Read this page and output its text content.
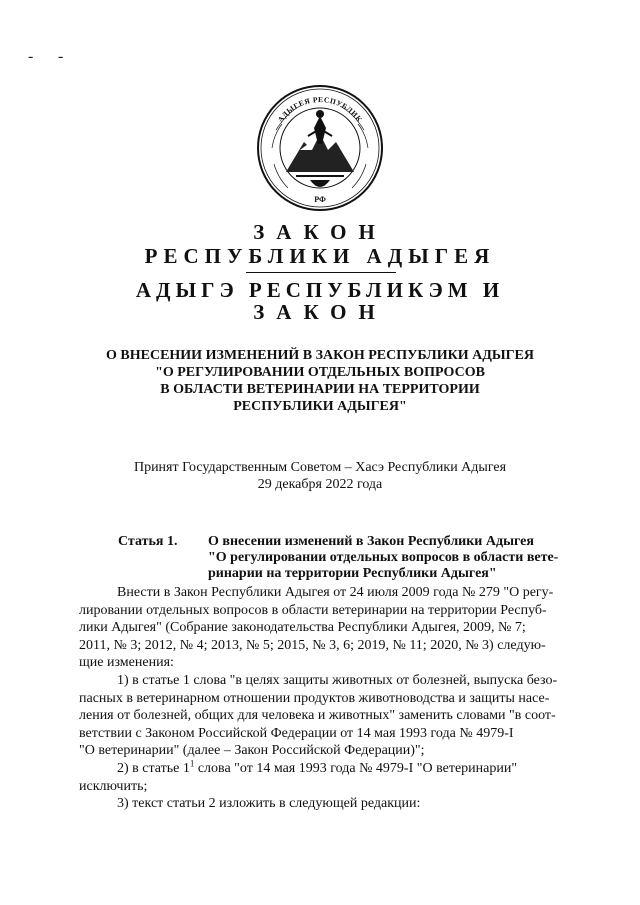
- -
АДЫГЕЯ РЕСПУБЛИК
РФ
ЗАКОН
РЕСПУБЛИКИ АДЫГЕЯ
АДЫГЭ РЕСПУБЛИКЭМ И
ЗАКОН
О ВНЕСЕНИИ ИЗМЕНЕНИЙ В ЗАКОН РЕСПУБЛИКИ АДЫГЕЯ
"О РЕГУЛИРОВАНИИ ОТДЕЛЬНЫХ ВОПРОСОВ
В ОБЛАСТИ ВЕТЕРИНАРИИ НА ТЕРРИТОРИИ
РЕСПУБЛИКИ АДЫГЕЯ"
Принят Государственным Советом – Хасэ Республики Адыгея
29 декабря 2022 года
Статья 1. О внесении изменений в Закон Республики Адыгея
"О регулировании отдельных вопросов в области вете-
ринарии на территории Республики Адыгея"
Внести в Закон Республики Адыгея от 24 июля 2009 года № 279 "О регу-
лировании отдельных вопросов в области ветеринарии на территории Респуб-
лики Адыгея" (Собрание законодательства Республики Адыгея, 2009, № 7;
2011, № 3; 2012, № 4; 2013, № 5; 2015, № 3, 6; 2019, № 11; 2020, № 3) следую-
щие изменения:
1) в статье 1 слова "в целях защиты животных от болезней, выпуска безо-
пасных в ветеринарном отношении продуктов животноводства и защиты насе-
ления от болезней, общих для человека и животных" заменить словами "в соот-
ветствии с Законом Российской Федерации от 14 мая 1993 года № 4979-I
"О ветеринарии" (далее – Закон Российской Федерации)";
2) в статье $1^1$ слова "от 14 мая 1993 года № 4979-I "О ветеринарии"
исключить;
3) текст статьи 2 изложить в следующей редакции:
